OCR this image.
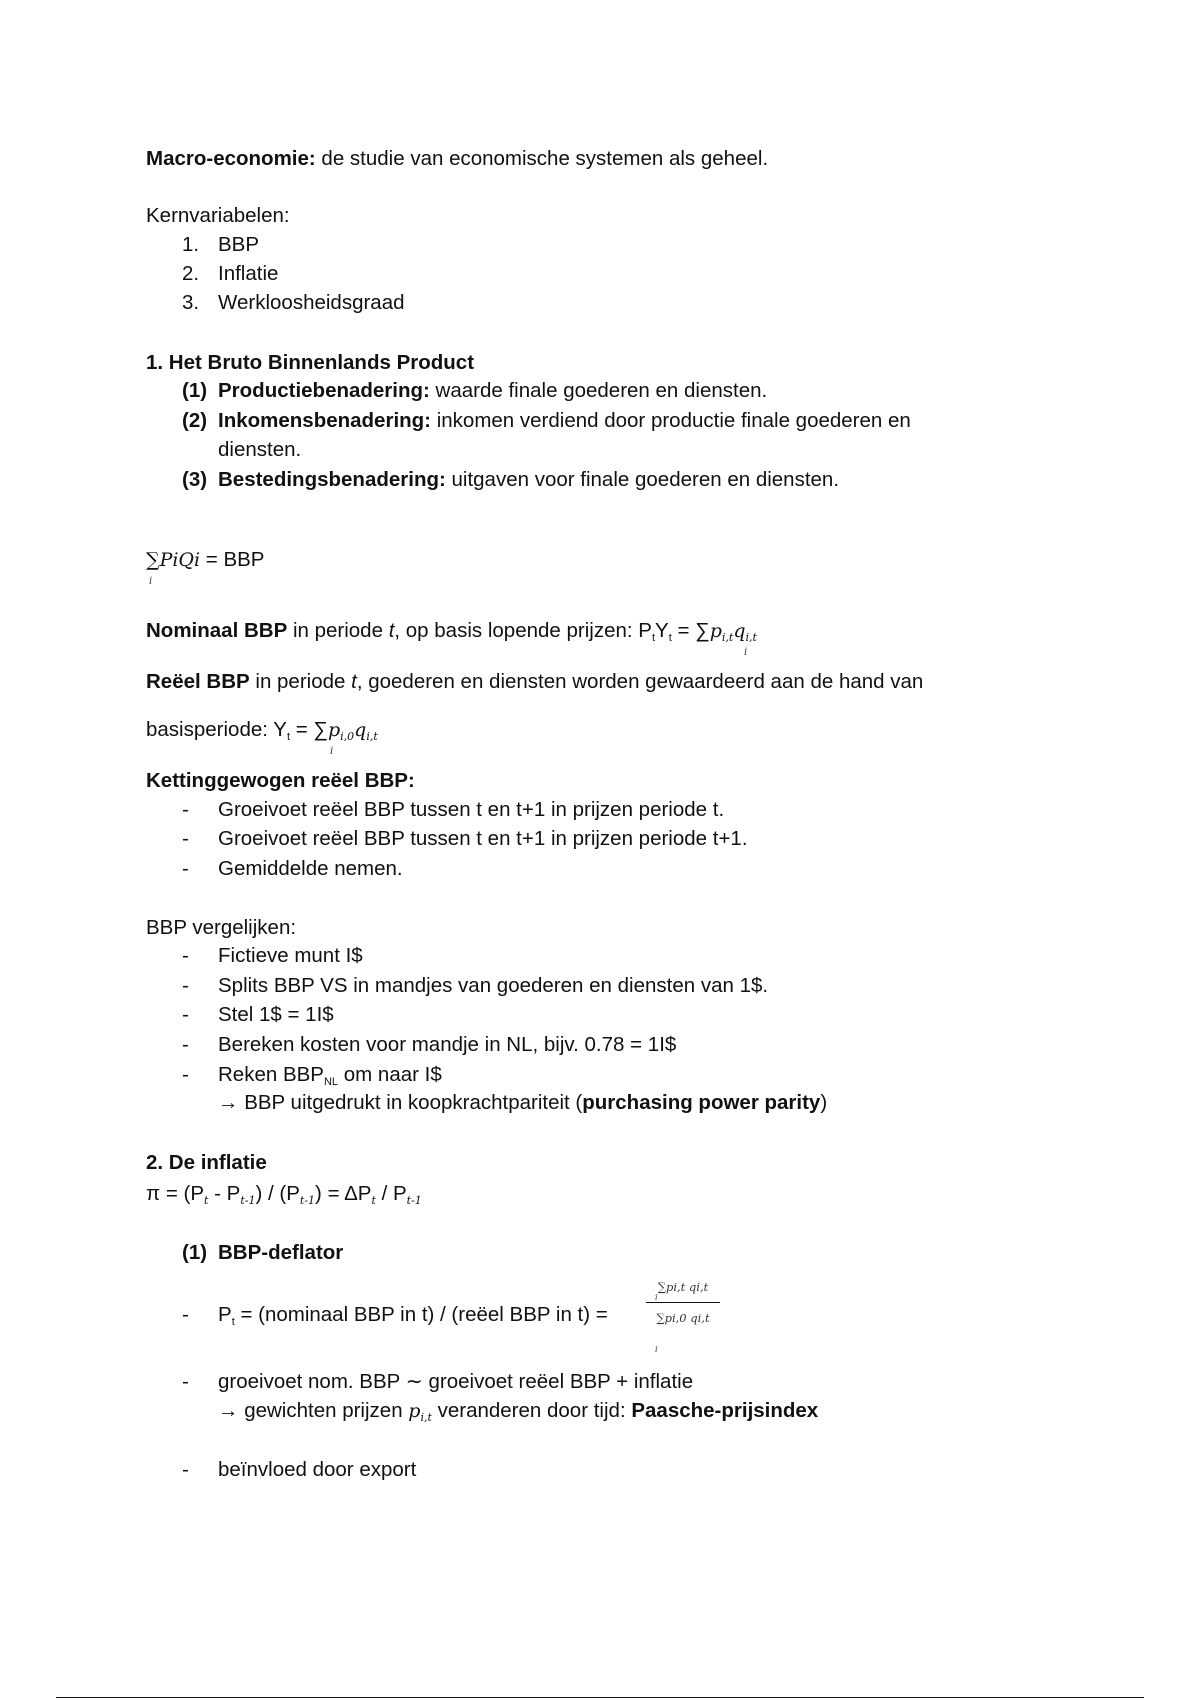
Macro-economie: de studie van economische systemen als geheel.
Kernvariabelen:
1. BBP
2. Inflatie
3. Werkloosheidsgraad
1. Het Bruto Binnenlands Product
(1) Productiebenadering: waarde finale goederen en diensten.
(2) Inkomensbenadering: inkomen verdiend door productie finale goederen en
diensten.
(3) Bestedingsbenadering: uitgaven voor finale goederen en diensten.
∑PiQi = BBP
i
Nominaal BBP in periode t, op basis lopende prijzen: $P_tY_t = \sum pi,tqi,t$
i
Reëel BBP in periode t, goederen en diensten worden gewaardeerd aan de hand van
basisperiode: $Y_t = \sum pi,0qi,t$
i
Kettinggewogen reëel BBP:
- Groeivoet reëel BBP tussen t en t+1 in prijzen periode t.
- Groeivoet reëel BBP tussen t en t+1 in prijzen periode t+1.
- Gemiddelde nemen.
BBP vergelijken:
- Fictieve munt I$
- Splits BBP VS in mandjes van goederen en diensten van 1$.
- Stel 1$ = 1I$
- Bereken kosten voor mandje in NL, bijv. 0.78 = 1I$
- Reken $BBP_{NL}$ om naar I$
→ BBP uitgedrukt in koopkrachtpariteit (purchasing power parity)
2. De inflatie
π = (Pt - Pt-1) / (Pt-1) = ΔPt / Pt-1
(1) BBP-deflator
- $P_t$ = (nominaal BBP in t) / (reëel BBP in t) =
∑pi,t qi,t
∑pi,0 qi,t
i
i
- groeivoet nom. BBP ∼ groeivoet reëel BBP + inflatie
→ gewichten prijzen pi,t veranderen door tijd: Paasche-prijsindex
- beïnvloed door export
